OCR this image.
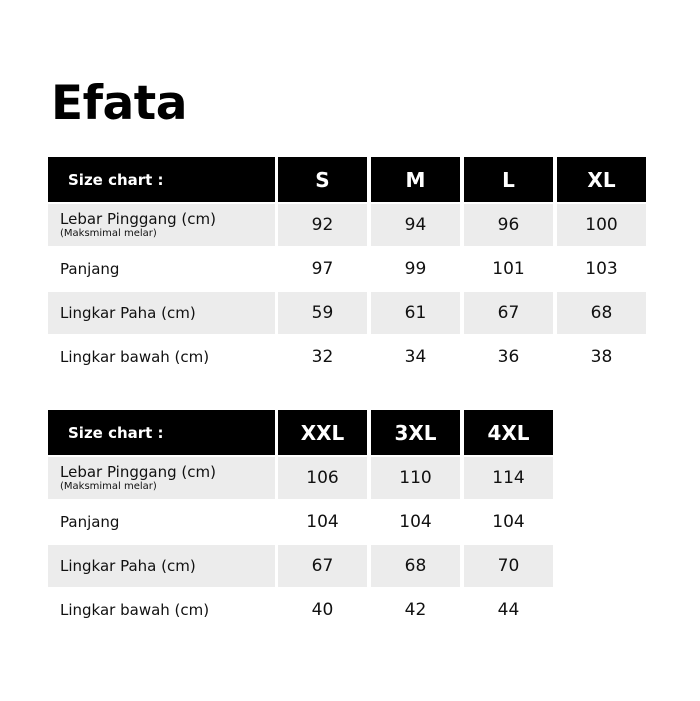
Efata
Size chart :	S	M	L	XL
Lebar Pinggang (cm)
(Maksmimal melar)	92	94	96	100
Panjang	97	99	101	103
Lingkar Paha (cm)	59	61	67	68
Lingkar bawah (cm)	32	34	36	38
Size chart :	XXL	3XL	4XL
Lebar Pinggang (cm)
(Maksmimal melar)	106	110	114
Panjang	104	104	104
Lingkar Paha (cm)	67	68	70
Lingkar bawah (cm)	40	42	44
